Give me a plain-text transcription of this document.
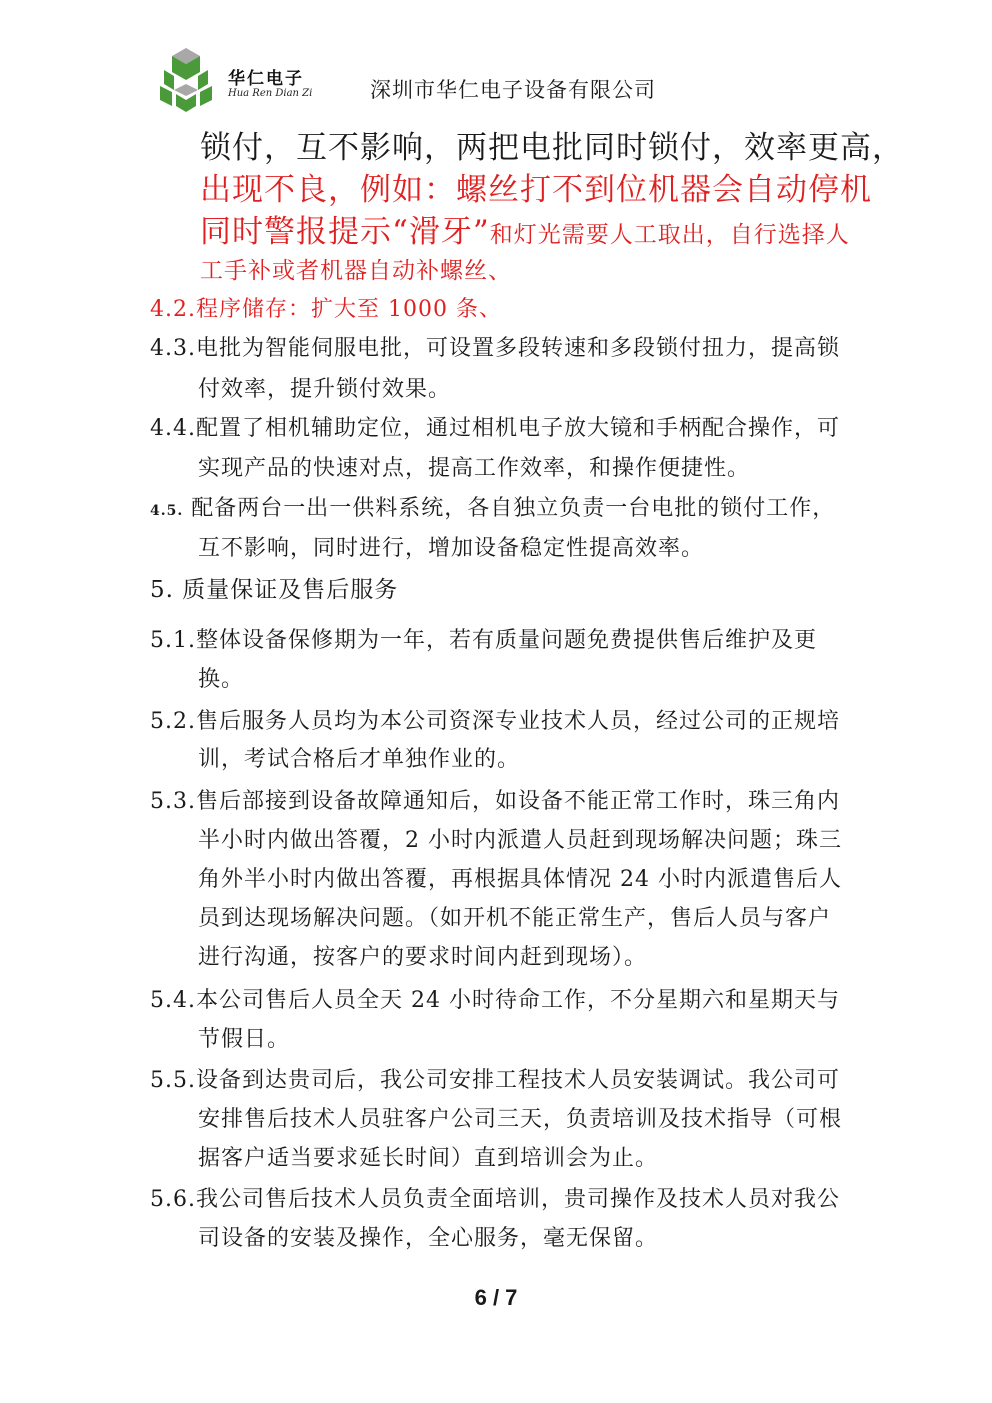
华仁电子
Hua Ren Dian Zi	深圳市华仁电子设备有限公司
锁付，互不影响，两把电批同时锁付，效率更高，
出现不良，例如：螺丝打不到位机器会自动停机
同时警报提示“滑牙”和灯光需要人工取出，自行选择人
工手补或者机器自动补螺丝、
4.2.程序储存：扩大至 1000 条、
4.3.电批为智能伺服电批，可设置多段转速和多段锁付扭力，提高锁
付效率，提升锁付效果。
4.4.配置了相机辅助定位，通过相机电子放大镜和手柄配合操作，可
实现产品的快速对点，提高工作效率，和操作便捷性。
4.5. 配备两台一出一供料系统，各自独立负责一台电批的锁付工作，
互不影响，同时进行，增加设备稳定性提高效率。
5. 质量保证及售后服务
5.1.整体设备保修期为一年，若有质量问题免费提供售后维护及更
换。
5.2.售后服务人员均为本公司资深专业技术人员，经过公司的正规培
训，考试合格后才单独作业的。
5.3.售后部接到设备故障通知后，如设备不能正常工作时，珠三角内
半小时内做出答覆，2 小时内派遣人员赶到现场解决问题；珠三
角外半小时内做出答覆，再根据具体情况 24 小时内派遣售后人
员到达现场解决问题。（如开机不能正常生产，售后人员与客户
进行沟通，按客户的要求时间内赶到现场）。
5.4.本公司售后人员全天 24 小时待命工作，不分星期六和星期天与
节假日。
5.5.设备到达贵司后，我公司安排工程技术人员安装调试。我公司可
安排售后技术人员驻客户公司三天，负责培训及技术指导（可根
据客户适当要求延长时间）直到培训会为止。
5.6.我公司售后技术人员负责全面培训，贵司操作及技术人员对我公
司设备的安装及操作，全心服务，毫无保留。
6 / 7
